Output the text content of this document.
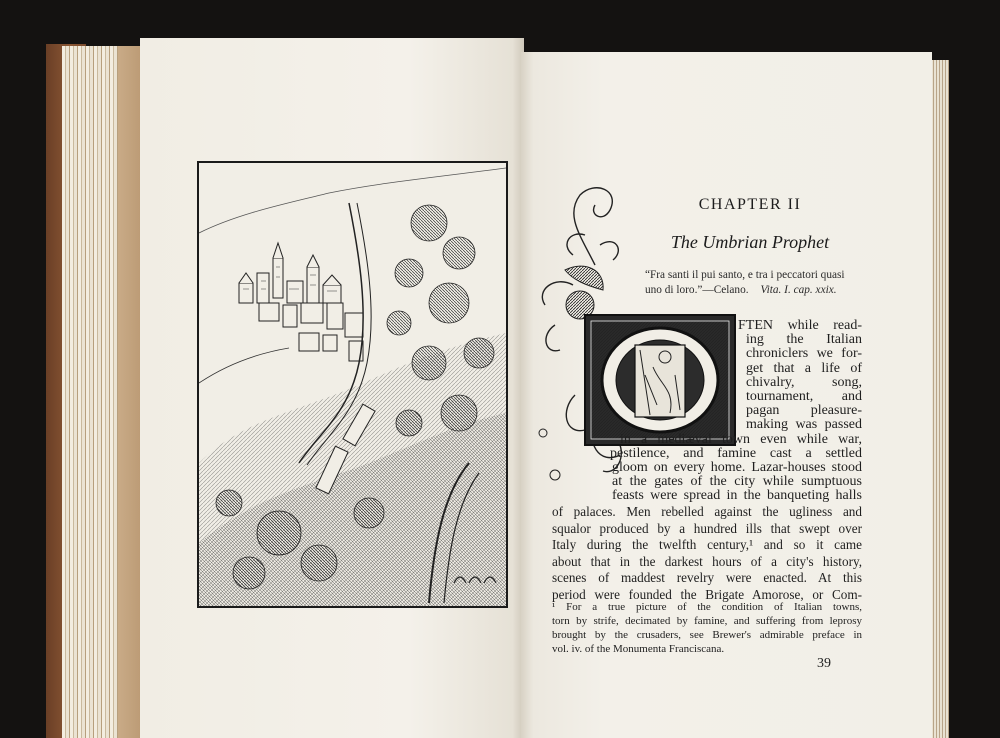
CHAPTER II
The Umbrian Prophet
“Fra santi il pui santo, e tra i peccatori quasi
uno di loro.”—Celano. Vita. I. cap. xxix.
FTEN while read-
ing the Italian
chroniclers we for-
get that a life of
chivalry, song,
tournament, and
pagan pleasure-
making was passed
in a mediæval town even while war,
pestilence, and famine cast a settled
gloom on every home. Lazar-houses stood
at the gates of the city while sumptuous
feasts were spread in the banqueting halls
of palaces. Men rebelled against the ugliness and
squalor produced by a hundred ills that swept over
Italy during the twelfth century,¹ and so it came
about that in the darkest hours of a city's history,
scenes of maddest revelry were enacted. At this
period were founded the Brigate Amorose, or Com-
¹ For a true picture of the condition of Italian towns,
torn by strife, decimated by famine, and suffering from leprosy
brought by the crusaders, see Brewer's admirable preface in
vol. iv. of the Monumenta Franciscana.
39
